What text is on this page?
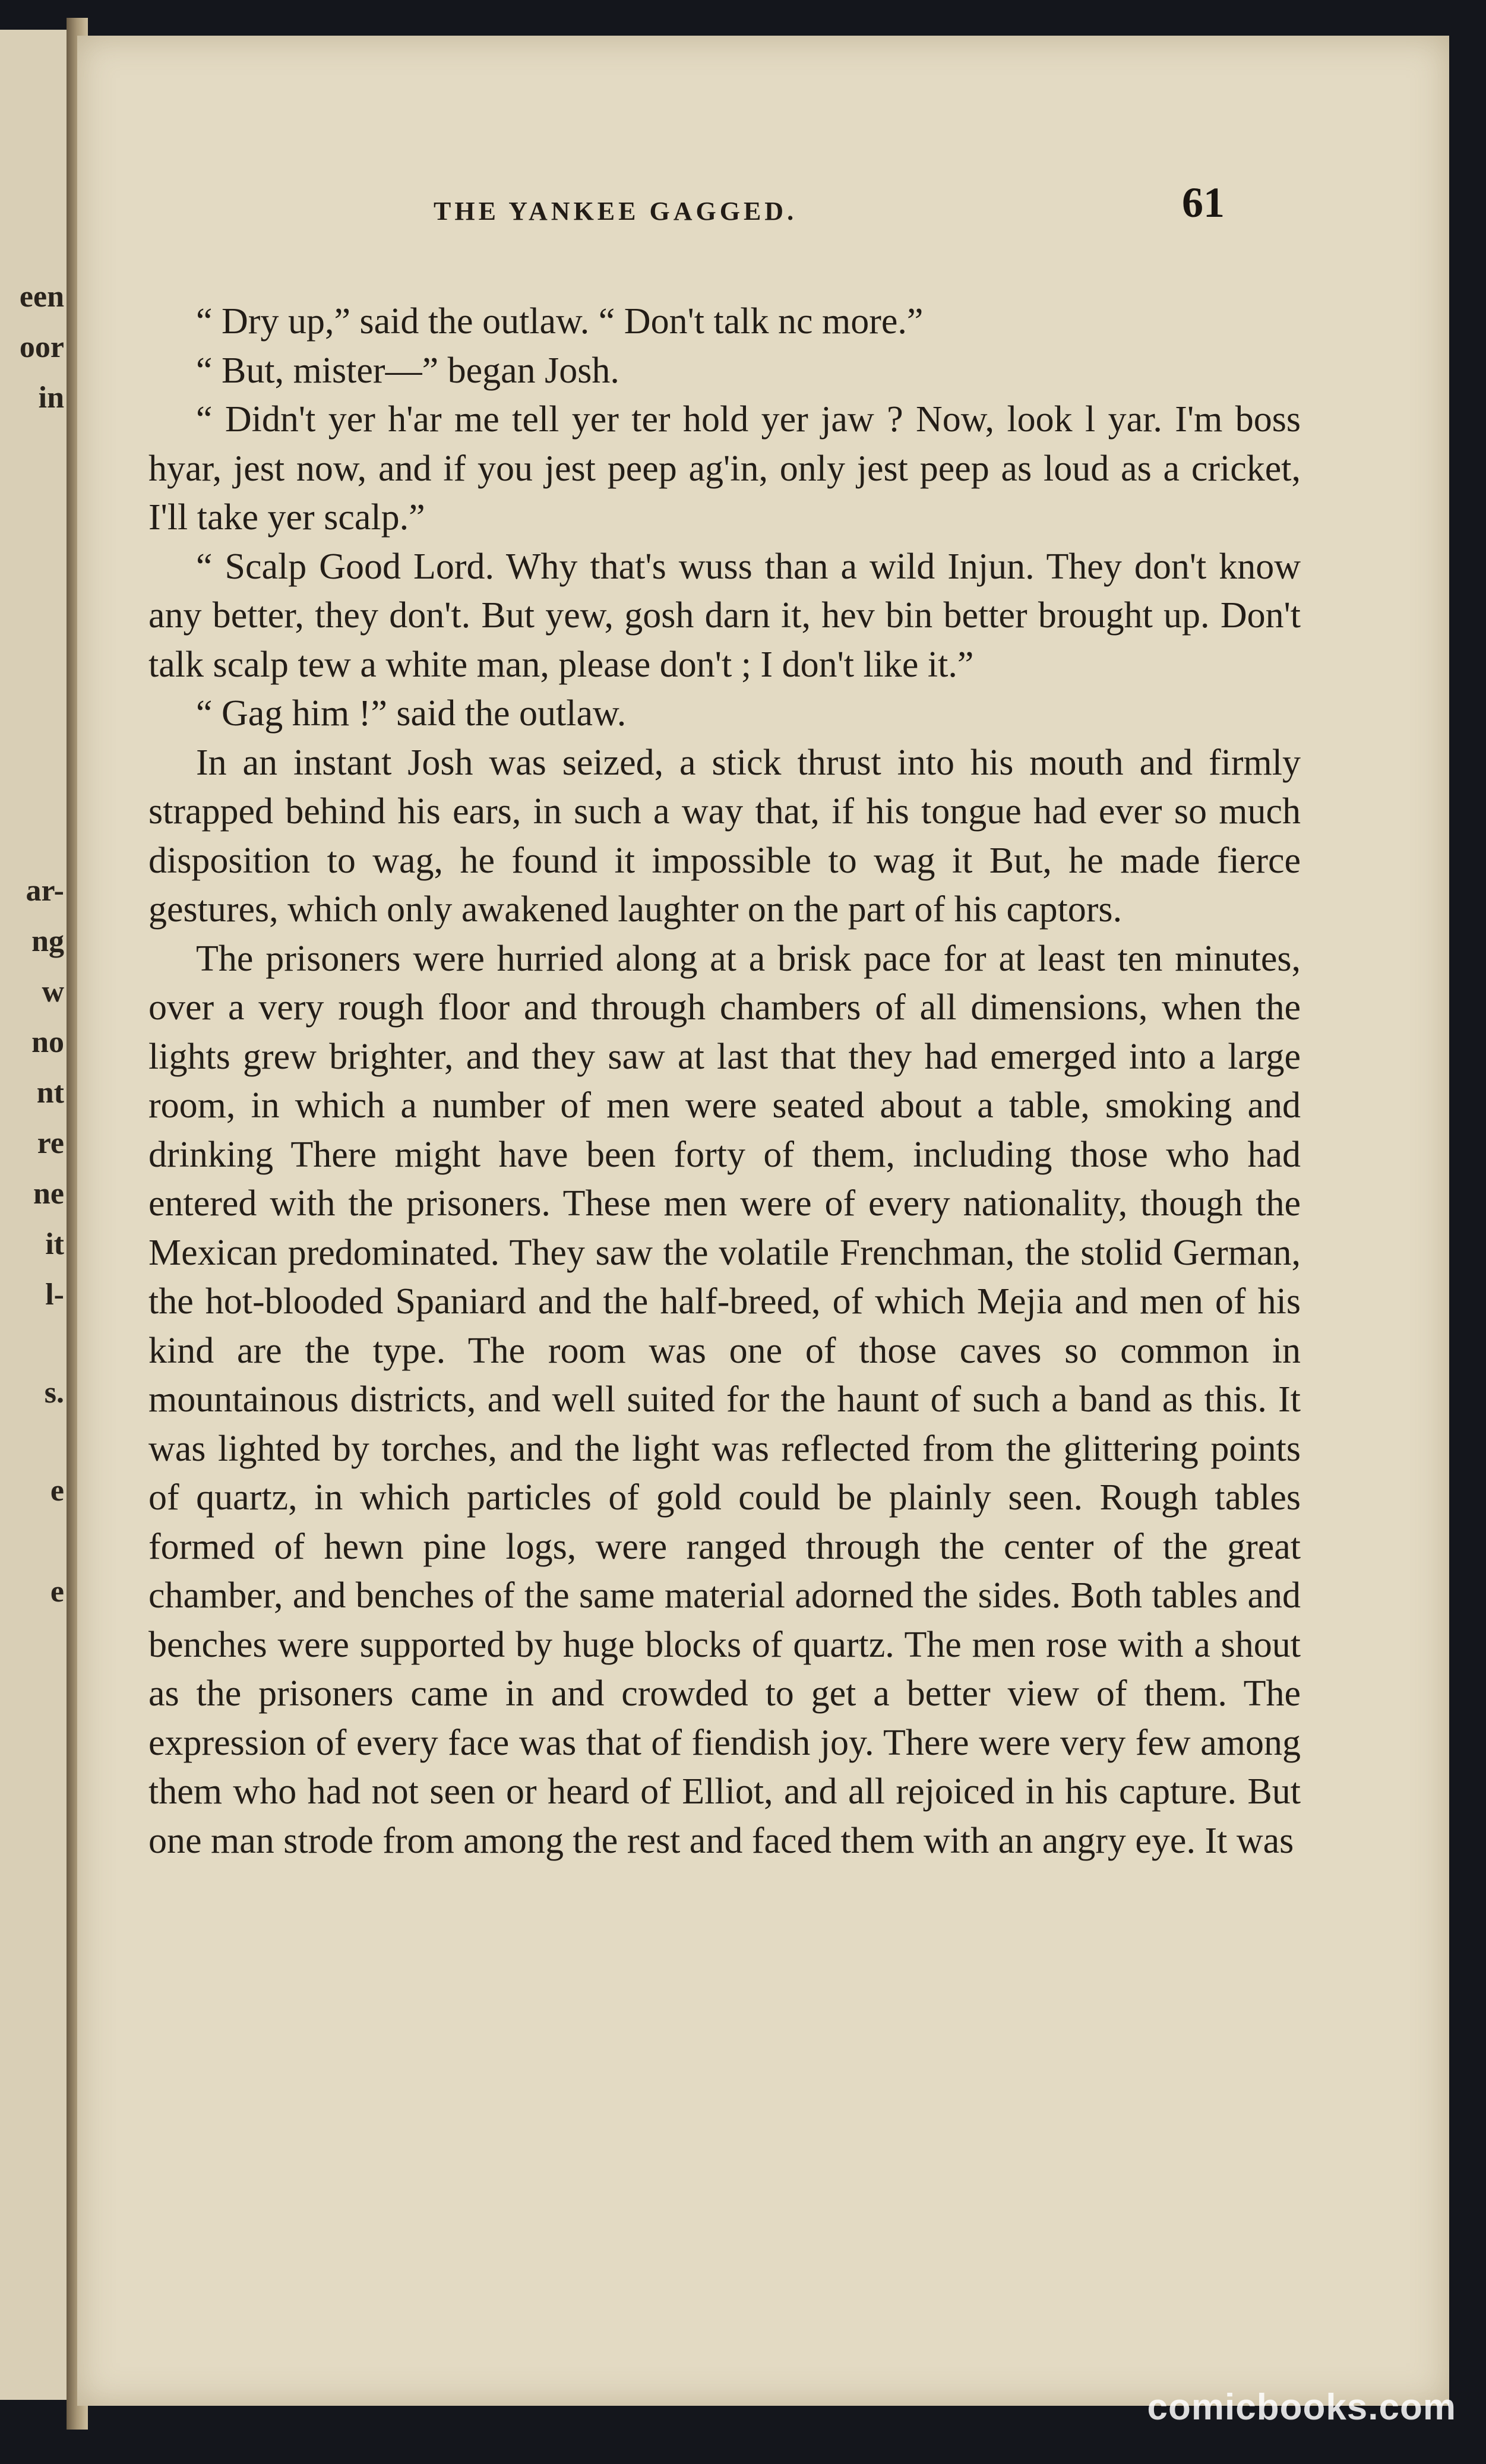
een
oor
in
ar-
ng
w
no
nt
re
ne
it
l-
s.
e
e
THE YANKEE GAGGED.	61

“ Dry up,” said the outlaw. “ Don't talk nc more.”

“ But, mister—” began Josh.

“ Didn't yer h'ar me tell yer ter hold yer jaw ? Now, look l yar. I'm boss hyar, jest now, and if you jest peep ag'in, only jest peep as loud as a cricket, I'll take yer scalp.”

“ Scalp Good Lord. Why that's wuss than a wild Injun. They don't know any better, they don't. But yew, gosh darn it, hev bin better brought up. Don't talk scalp tew a white man, please don't ; I don't like it.”

“ Gag him !” said the outlaw.

In an instant Josh was seized, a stick thrust into his mouth and firmly strapped behind his ears, in such a way that, if his tongue had ever so much disposition to wag, he found it impossible to wag it But, he made fierce gestures, which only awakened laughter on the part of his captors.

The prisoners were hurried along at a brisk pace for at least ten minutes, over a very rough floor and through chambers of all dimensions, when the lights grew brighter, and they saw at last that they had emerged into a large room, in which a number of men were seated about a table, smoking and drinking There might have been forty of them, including those who had entered with the prisoners. These men were of every nationality, though the Mexican predominated. They saw the volatile Frenchman, the stolid German, the hot-blooded Spaniard and the half-breed, of which Mejia and men of his kind are the type. The room was one of those caves so common in mountainous districts, and well suited for the haunt of such a band as this. It was lighted by torches, and the light was reflected from the glittering points of quartz, in which particles of gold could be plainly seen. Rough tables formed of hewn pine logs, were ranged through the center of the great chamber, and benches of the same material adorned the sides. Both tables and benches were supported by huge blocks of quartz. The men rose with a shout as the prisoners came in and crowded to get a better view of them. The expression of every face was that of fiendish joy. There were very few among them who had not seen or heard of Elliot, and all rejoiced in his capture. But one man strode from among the rest and faced them with an angry eye. It was

comicbooks.com
